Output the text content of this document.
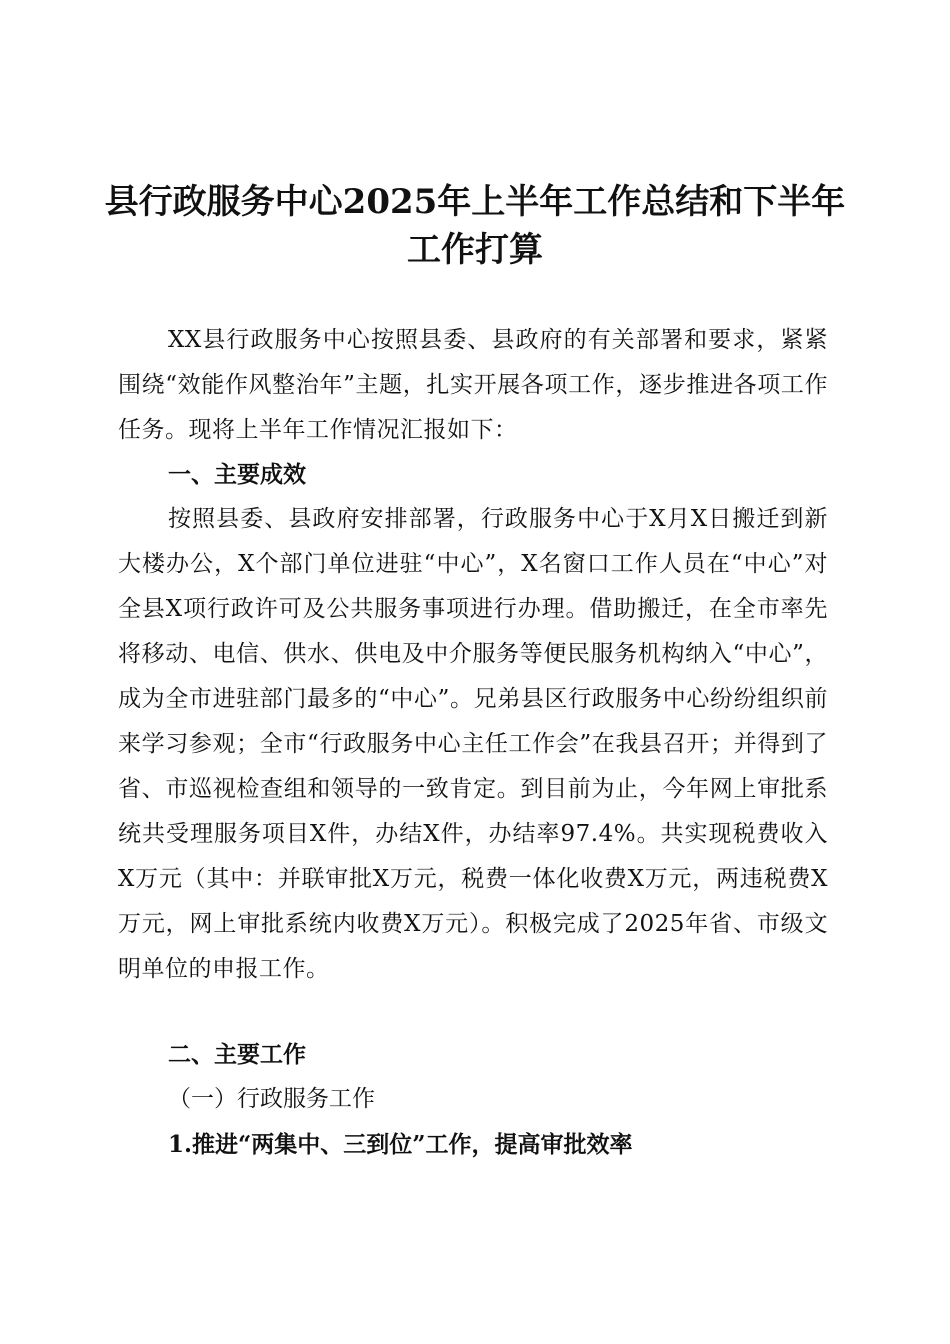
县行政服务中心2025年上半年工作总结和下半年工作打算
XX县行政服务中心按照县委、县政府的有关部署和要求，紧紧围绕“效能作风整治年”主题，扎实开展各项工作，逐步推进各项工作任务。现将上半年工作情况汇报如下：
一、主要成效
按照县委、县政府安排部署，行政服务中心于X月X日搬迁到新大楼办公，X个部门单位进驻“中心”，X名窗口工作人员在“中心”对全县X项行政许可及公共服务事项进行办理。借助搬迁，在全市率先将移动、电信、供水、供电及中介服务等便民服务机构纳入“中心”，成为全市进驻部门最多的“中心”。兄弟县区行政服务中心纷纷组织前来学习参观；全市“行政服务中心主任工作会”在我县召开；并得到了省、市巡视检查组和领导的一致肯定。到目前为止，今年网上审批系统共受理服务项目X件，办结X件，办结率97.4%。共实现税费收入X万元（其中：并联审批X万元，税费一体化收费X万元，两违税费X万元，网上审批系统内收费X万元）。积极完成了2025年省、市级文明单位的申报工作。
二、主要工作
（一）行政服务工作
1.推进“两集中、三到位”工作，提高审批效率
